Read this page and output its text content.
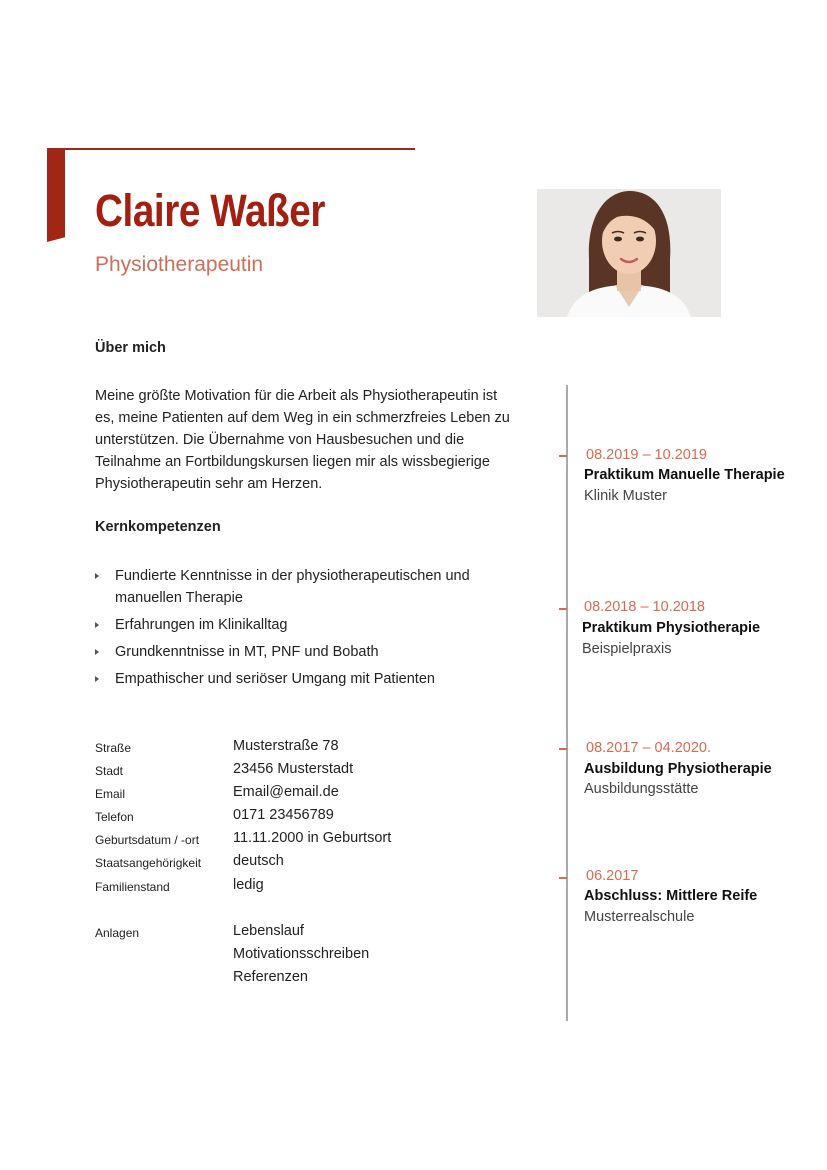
Claire Waßer
Physiotherapeutin
Über mich
Meine größte Motivation für die Arbeit als Physiotherapeutin ist es, meine Patienten auf dem Weg in ein schmerzfreies Leben zu unterstützen. Die Übernahme von Hausbesuchen und die Teilnahme an Fortbildungskursen liegen mir als wissbegierige Physiotherapeutin sehr am Herzen.
Kernkompetenzen
Fundierte Kenntnisse in der physiotherapeutischen und manuellen Therapie
Erfahrungen im Klinikalltag
Grundkenntnisse in MT, PNF und Bobath
Empathischer und seriöser Umgang mit Patienten
Straße	Musterstraße 78
Stadt	23456 Musterstadt
Email	Email@email.de
Telefon	0171 23456789
Geburtsdatum / -ort 11.11.2000 in Geburtsort
Staatsangehörigkeit deutsch
Familienstand	ledig
Anlagen	Lebenslauf
Motivationsschreiben
Referenzen
08.2019 – 10.2019
Praktikum Manuelle Therapie
Klinik Muster
08.2018 – 10.2018
Praktikum Physiotherapie
Beispielpraxis
08.2017 – 04.2020.
Ausbildung Physiotherapie
Ausbildungsstätte
06.2017
Abschluss: Mittlere Reife
Musterrealschule
